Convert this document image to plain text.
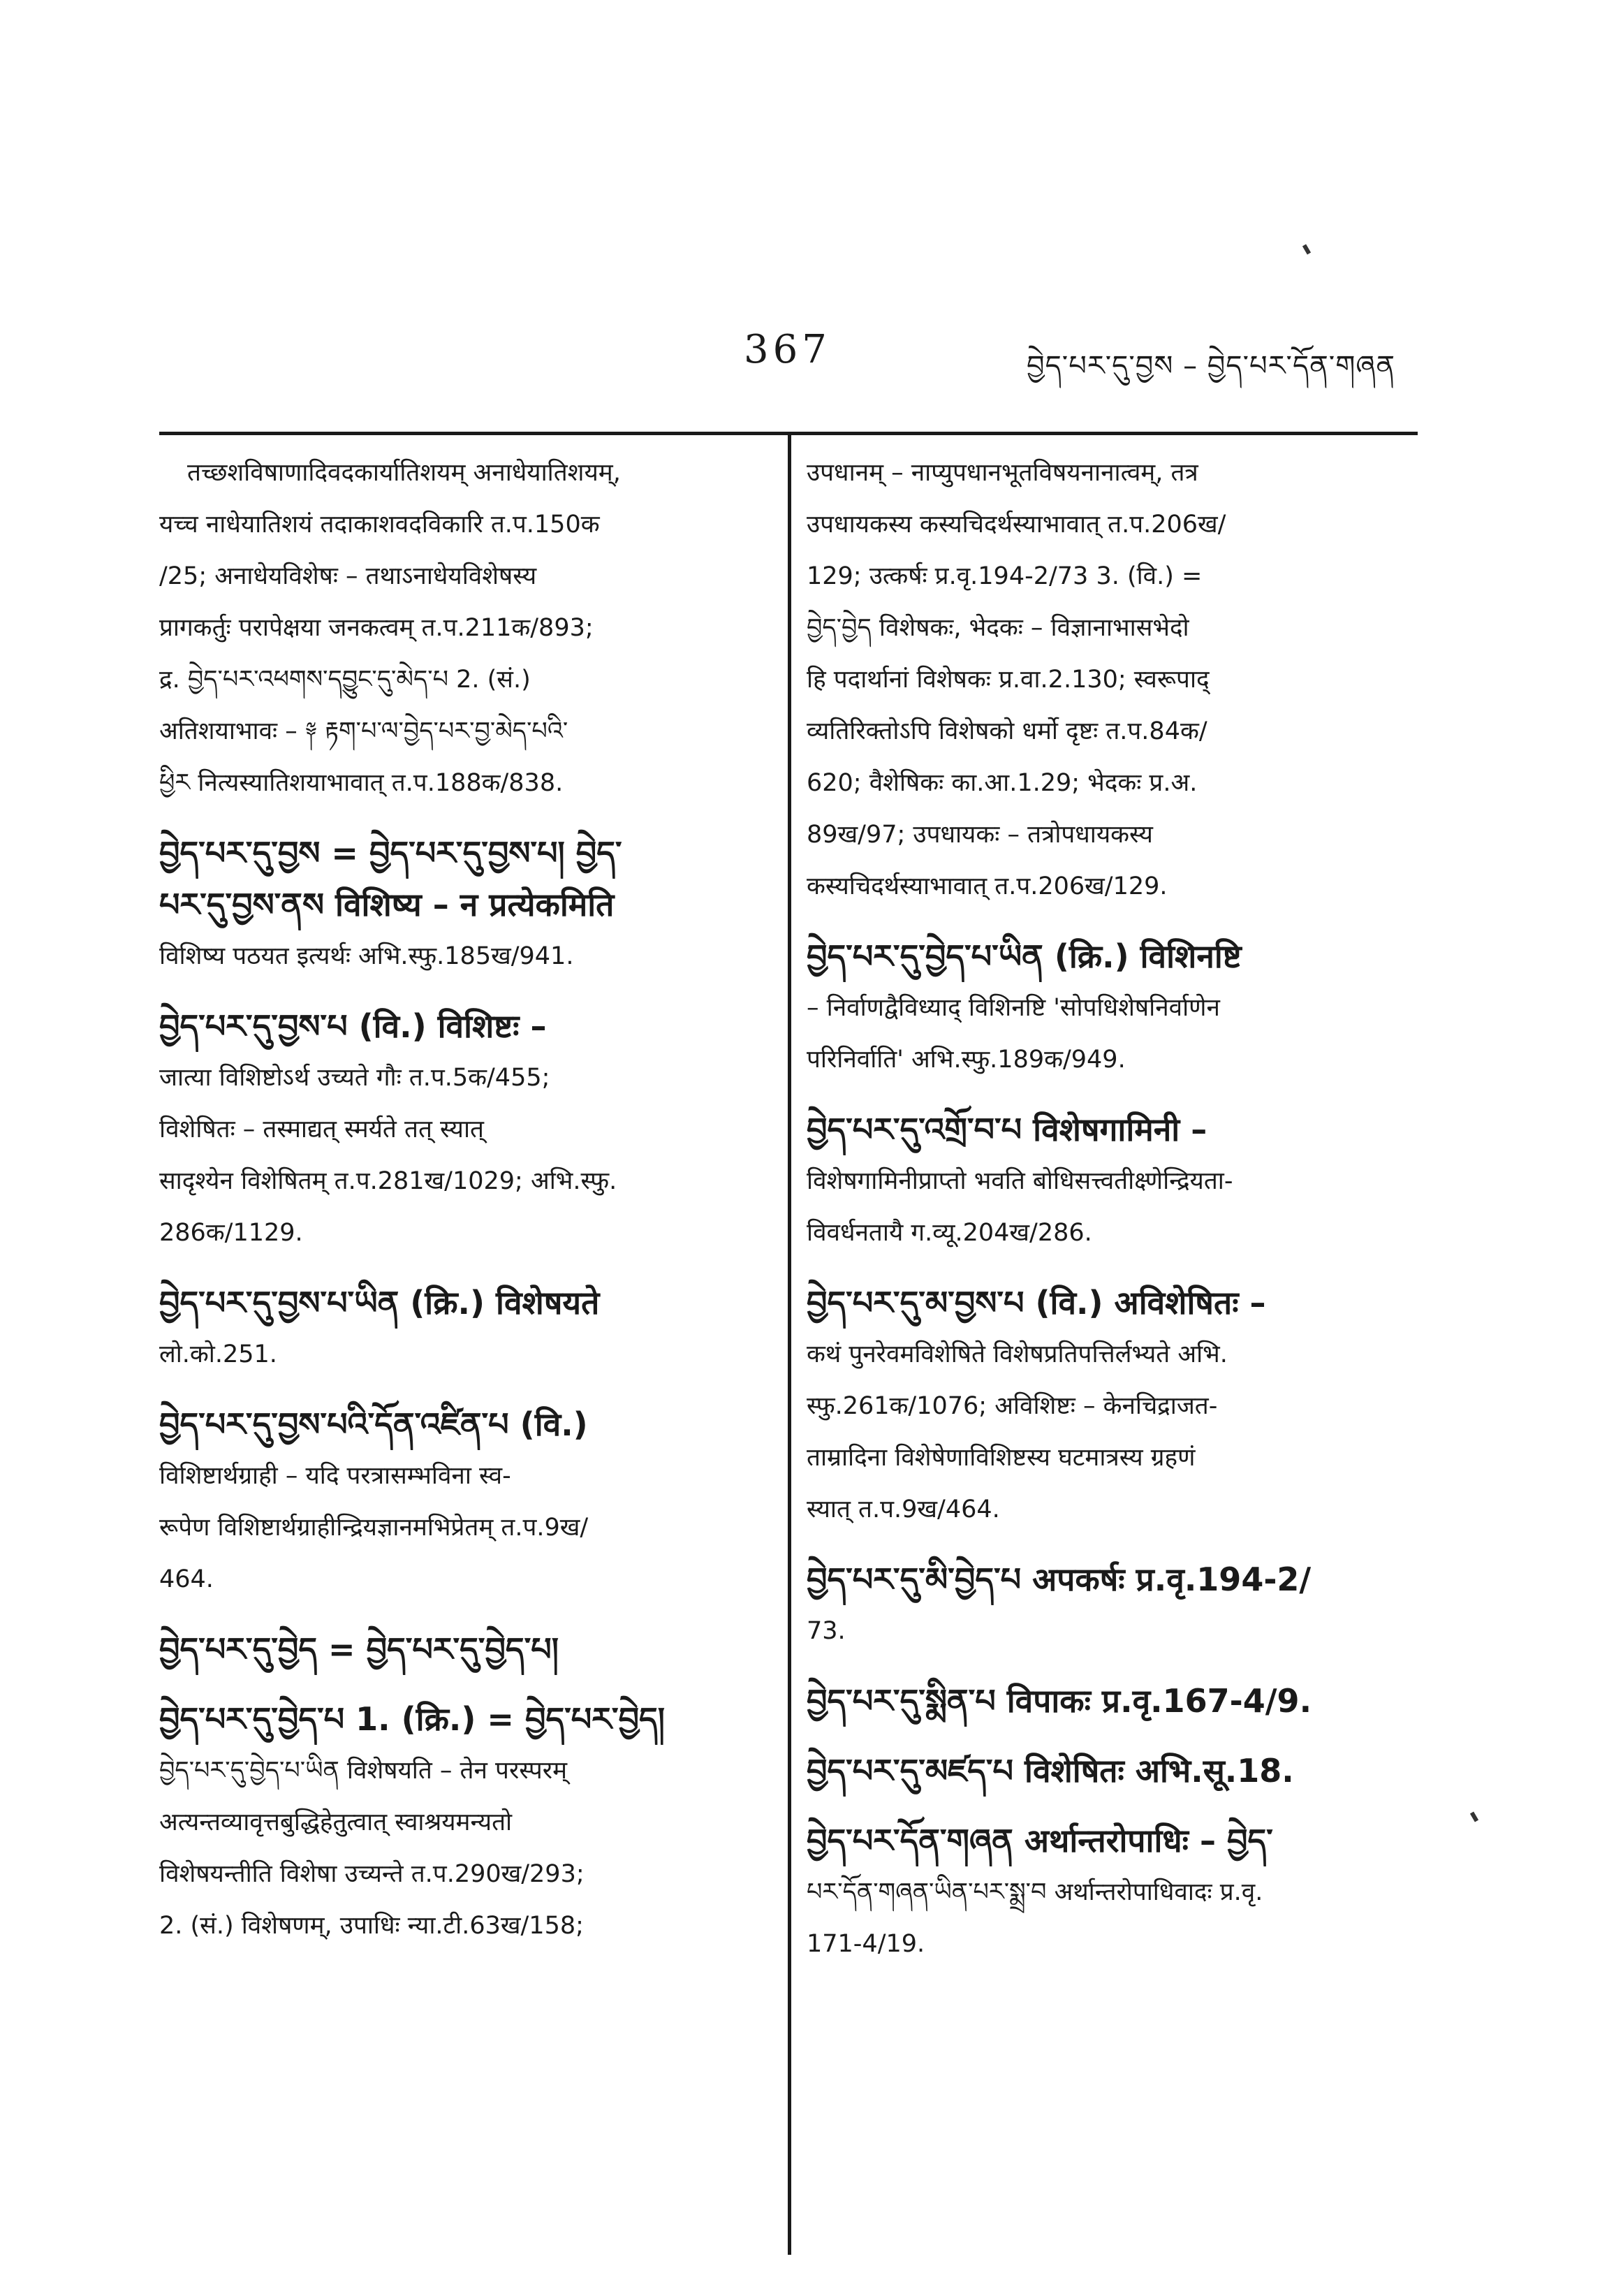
367	བྱེད་པར་དུ་བྱས – བྱེད་པར་དོན་གཞན
तच्छशविषाणादिवदकार्यातिशयम् अनाधेयातिशयम्,
यच्च नाधेयातिशयं तदाकाशवदविकारि त.प.150क
/25; अनाधेयविशेषः – तथाऽनाधेयविशेषस्य
प्रागकर्तुः परापेक्षया जनकत्वम् त.प.211क/893;
द्र. བྱེད་པར་འཕགས་དབྱུང་དུ་མེད་པ 2. (सं.)
अतिशयाभावः – ༈ རྟག་པ་ལ་བྱེད་པར་བྱ་མེད་པའི་
ཕྱིར नित्यस्यातिशयाभावात् त.प.188क/838.
བྱེད་པར་དུ་བྱས = བྱེད་པར་དུ་བྱས་པ། བྱེད་
པར་དུ་བྱས་ནས विशिष्य – न प्रत्येकमिति
विशिष्य पठयत इत्यर्थः अभि.स्फु.185ख/941.
བྱེད་པར་དུ་བྱས་པ (वि.) विशिष्टः –
जात्या विशिष्टोऽर्थ उच्यते गौः त.प.5क/455;
विशेषितः – तस्माद्यत् स्मर्यते तत् स्यात्
सादृश्येन विशेषितम् त.प.281ख/1029; अभि.स्फु.
286क/1129.
བྱེད་པར་དུ་བྱས་པ་ཡིན (क्रि.) विशेषयते
लो.को.251.
བྱེད་པར་དུ་བྱས་པའི་དོན་འཛིན་པ (वि.)
विशिष्टार्थग्राही – यदि परत्रासम्भविना स्व-
रूपेण विशिष्टार्थग्राहीन्द्रियज्ञानमभिप्रेतम् त.प.9ख/
464.
བྱེད་པར་དུ་བྱེད = བྱེད་པར་དུ་བྱེད་པ།
བྱེད་པར་དུ་བྱེད་པ 1. (क्रि.) = བྱེད་པར་བྱེད།
བྱེད་པར་དུ་བྱེད་པ་ཡིན विशेषयति – तेन परस्परम्
अत्यन्तव्यावृत्तबुद्धिहेतुत्वात् स्वाश्रयमन्यतो
विशेषयन्तीति विशेषा उच्यन्ते त.प.290ख/293;
2. (सं.) विशेषणम्, उपाधिः न्या.टी.63ख/158;
उपधानम् – नाप्युपधानभूतविषयनानात्वम्, तत्र
उपधायकस्य कस्यचिदर्थस्याभावात् त.प.206ख/
129; उत्कर्षः प्र.वृ.194-2/73 3. (वि.) =
བྱེད་བྱེད विशेषकः, भेदकः – विज्ञानाभासभेदो
हि पदार्थानां विशेषकः प्र.वा.2.130; स्वरूपाद्
व्यतिरिक्तोऽपि विशेषको धर्मो दृष्टः त.प.84क/
620; वैशेषिकः का.आ.1.29; भेदकः प्र.अ.
89ख/97; उपधायकः – तत्रोपधायकस्य
कस्यचिदर्थस्याभावात् त.प.206ख/129.
བྱེད་པར་དུ་བྱེད་པ་ཡིན (क्रि.) विशिनष्टि
– निर्वाणद्वैविध्याद् विशिनष्टि 'सोपधिशेषनिर्वाणेन
परिनिर्वाति' अभि.स्फु.189क/949.
བྱེད་པར་དུ་འགྲོ་བ་པ विशेषगामिनी –
विशेषगामिनीप्राप्तो भवति बोधिसत्त्वतीक्ष्णेन्द्रियता-
विवर्धनतायै ग.व्यू.204ख/286.
བྱེད་པར་དུ་མ་བྱས་པ (वि.) अविशेषितः –
कथं पुनरेवमविशेषिते विशेषप्रतिपत्तिर्लभ्यते अभि.
स्फु.261क/1076; अविशिष्टः – केनचिद्राजत-
ताम्रादिना विशेषेणाविशिष्टस्य घटमात्रस्य ग्रहणं
स्यात् त.प.9ख/464.
བྱེད་པར་དུ་མི་བྱེད་པ अपकर्षः प्र.वृ.194-2/
73.
བྱེད་པར་དུ་སྨིན་པ विपाकः प्र.वृ.167-4/9.
བྱེད་པར་དུ་མཛད་པ विशेषितः अभि.सू.18.
བྱེད་པར་དོན་གཞན अर्थान्तरोपाधिः – བྱེད་
པར་དོན་གཞན་ཡིན་པར་སྨྲ་བ अर्थान्तरोपाधिवादः प्र.वृ.
171-4/19.
